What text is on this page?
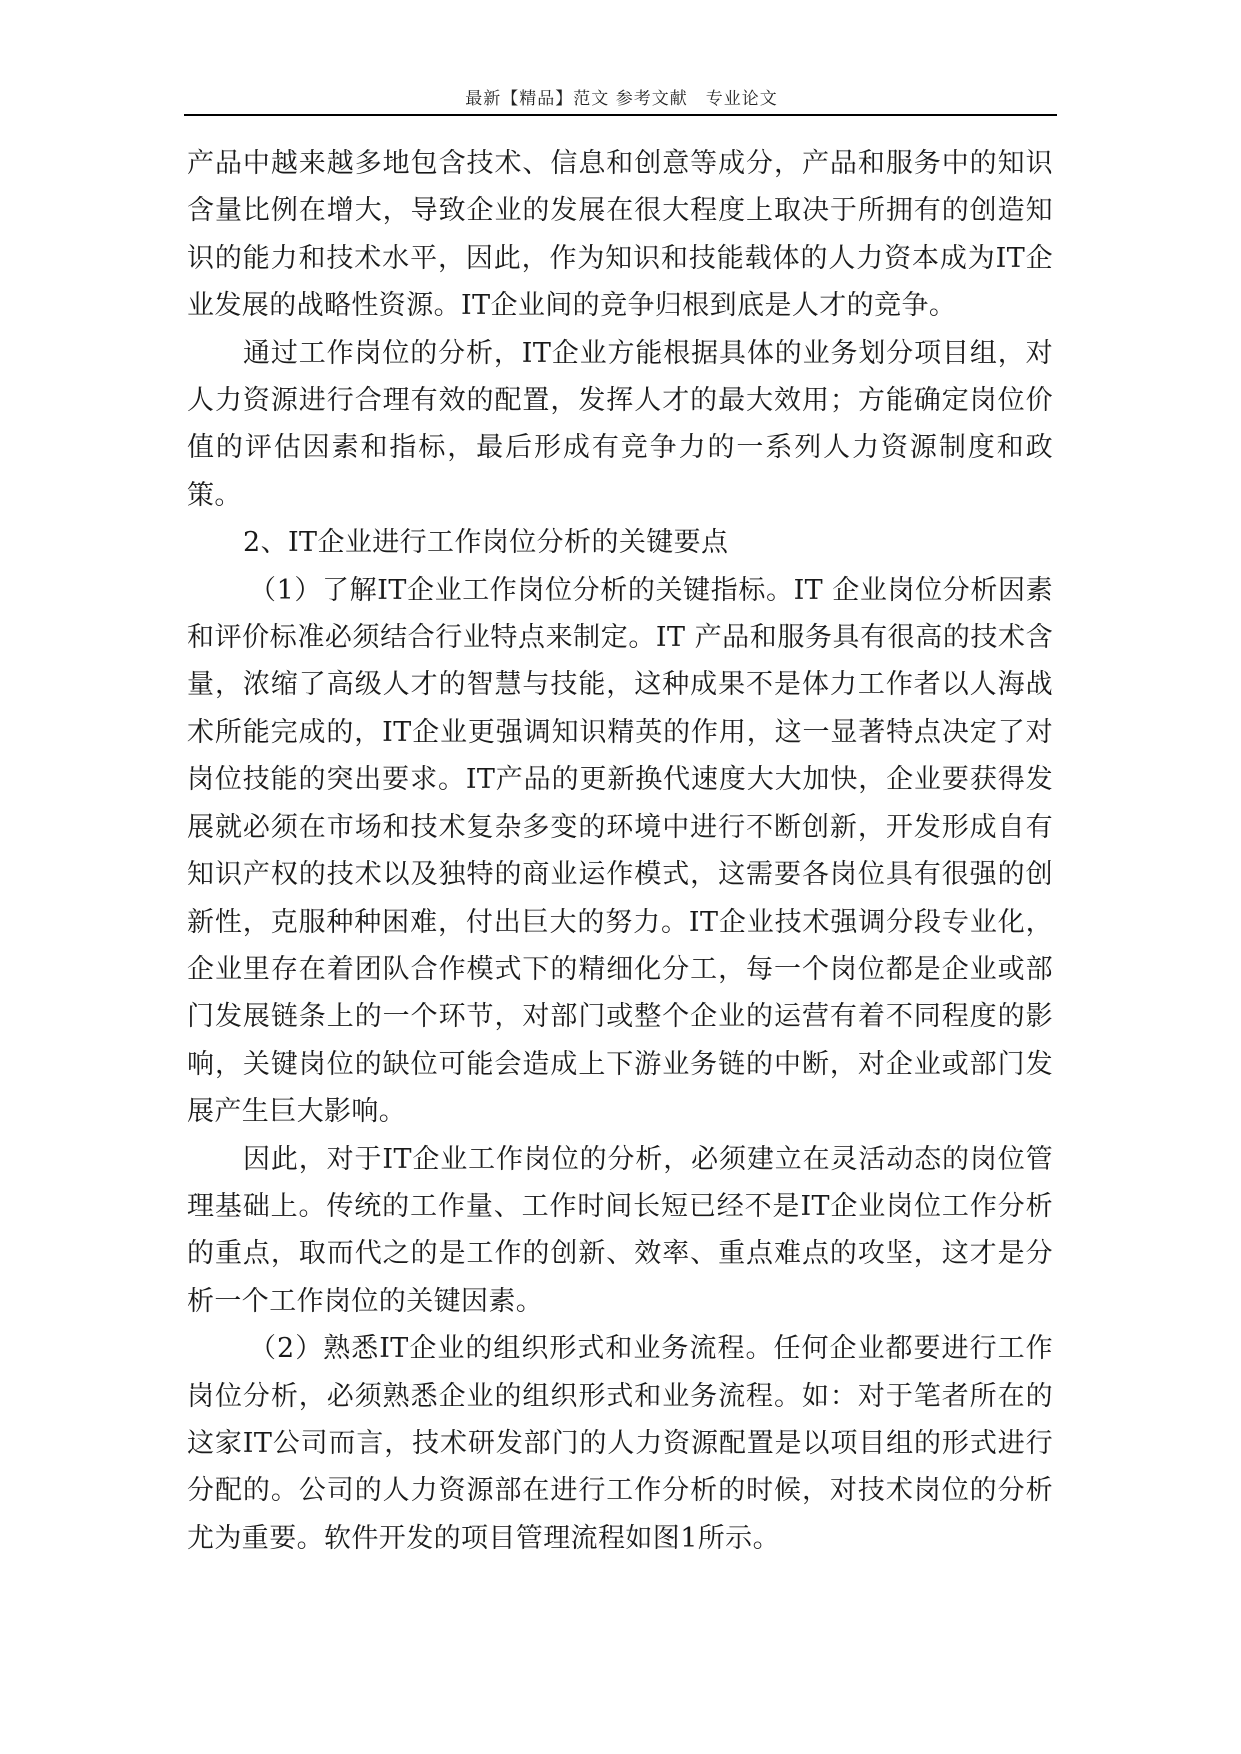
最新【精品】范文 参考文献　专业论文

产品中越来越多地包含技术、信息和创意等成分，产品和服务中的知识含量比例在增大，导致企业的发展在很大程度上取决于所拥有的创造知识的能力和技术水平，因此，作为知识和技能载体的人力资本成为IT企业发展的战略性资源。IT企业间的竞争归根到底是人才的竞争。

通过工作岗位的分析，IT企业方能根据具体的业务划分项目组，对人力资源进行合理有效的配置，发挥人才的最大效用；方能确定岗位价值的评估因素和指标，最后形成有竞争力的一系列人力资源制度和政策。

2、IT企业进行工作岗位分析的关键要点

（1）了解IT企业工作岗位分析的关键指标。IT 企业岗位分析因素和评价标准必须结合行业特点来制定。IT 产品和服务具有很高的技术含量，浓缩了高级人才的智慧与技能，这种成果不是体力工作者以人海战术所能完成的，IT企业更强调知识精英的作用，这一显著特点决定了对岗位技能的突出要求。IT产品的更新换代速度大大加快，企业要获得发展就必须在市场和技术复杂多变的环境中进行不断创新，开发形成自有知识产权的技术以及独特的商业运作模式，这需要各岗位具有很强的创新性，克服种种困难，付出巨大的努力。IT企业技术强调分段专业化，企业里存在着团队合作模式下的精细化分工，每一个岗位都是企业或部门发展链条上的一个环节，对部门或整个企业的运营有着不同程度的影响，关键岗位的缺位可能会造成上下游业务链的中断，对企业或部门发展产生巨大影响。

因此，对于IT企业工作岗位的分析，必须建立在灵活动态的岗位管理基础上。传统的工作量、工作时间长短已经不是IT企业岗位工作分析的重点，取而代之的是工作的创新、效率、重点难点的攻坚，这才是分析一个工作岗位的关键因素。

（2）熟悉IT企业的组织形式和业务流程。任何企业都要进行工作岗位分析，必须熟悉企业的组织形式和业务流程。如：对于笔者所在的这家IT公司而言，技术研发部门的人力资源配置是以项目组的形式进行分配的。公司的人力资源部在进行工作分析的时候，对技术岗位的分析尤为重要。软件开发的项目管理流程如图1所示。
